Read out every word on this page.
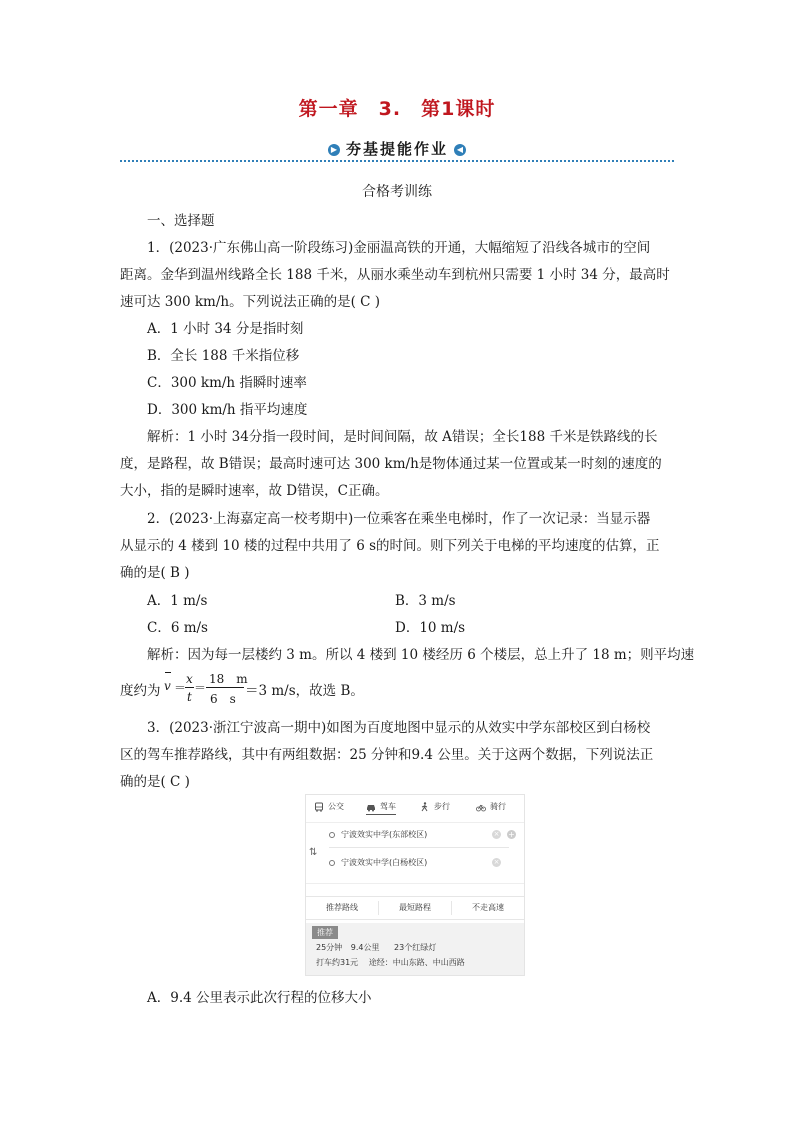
第一章　3.　第1课时
▶ 夯基提能作业 ◀
合格考训练
一、选择题
1．(2023·广东佛山高一阶段练习)金丽温高铁的开通，大幅缩短了沿线各城市的空间
距离。金华到温州线路全长 188 千米，从丽水乘坐动车到杭州只需要 1 小时 34 分，最高时
速可达 300 km/h。下列说法正确的是( C )
A．1 小时 34 分是指时刻
B．全长 188 千米指位移
C．300 km/h 指瞬时速率
D．300 km/h 指平均速度
解析：1 小时 34分指一段时间，是时间间隔，故 A错误；全长188 千米是铁路线的长
度，是路程，故 B错误；最高时速可达 300 km/h是物体通过某一位置或某一时刻的速度的
大小，指的是瞬时速率，故 D错误，C正确。
2．(2023·上海嘉定高一校考期中)一位乘客在乘坐电梯时，作了一次记录：当显示器
从显示的 4 楼到 10 楼的过程中共用了 6 s的时间。则下列关于电梯的平均速度的估算，正
确的是( B )
A．1 m/s	B．3 m/s
C．6 m/s	D．10 m/s
解析：因为每一层楼约 3 m。所以 4 楼到 10 楼经历 6 个楼层，总上升了 18 m；则平均速
度约为 v ＝
x
t
＝
18　m
6　s ＝3 m/s，故选 B。
3．(2023·浙江宁波高一期中)如图为百度地图中显示的从效实中学东部校区到白杨校
区的驾车推荐路线，其中有两组数据：25 分钟和9.4 公里。关于这两个数据，下列说法正
确的是( C )
公交	驾车	步行	骑行
⇅
宁波效实中学(东部校区)	× +
宁波效实中学(白杨校区)	×
推荐路线	最短路程	不走高速
推荐
25分钟 9.4公里 23个红绿灯
打车约31元 途经：中山东路、中山西路
A．9.4 公里表示此次行程的位移大小
